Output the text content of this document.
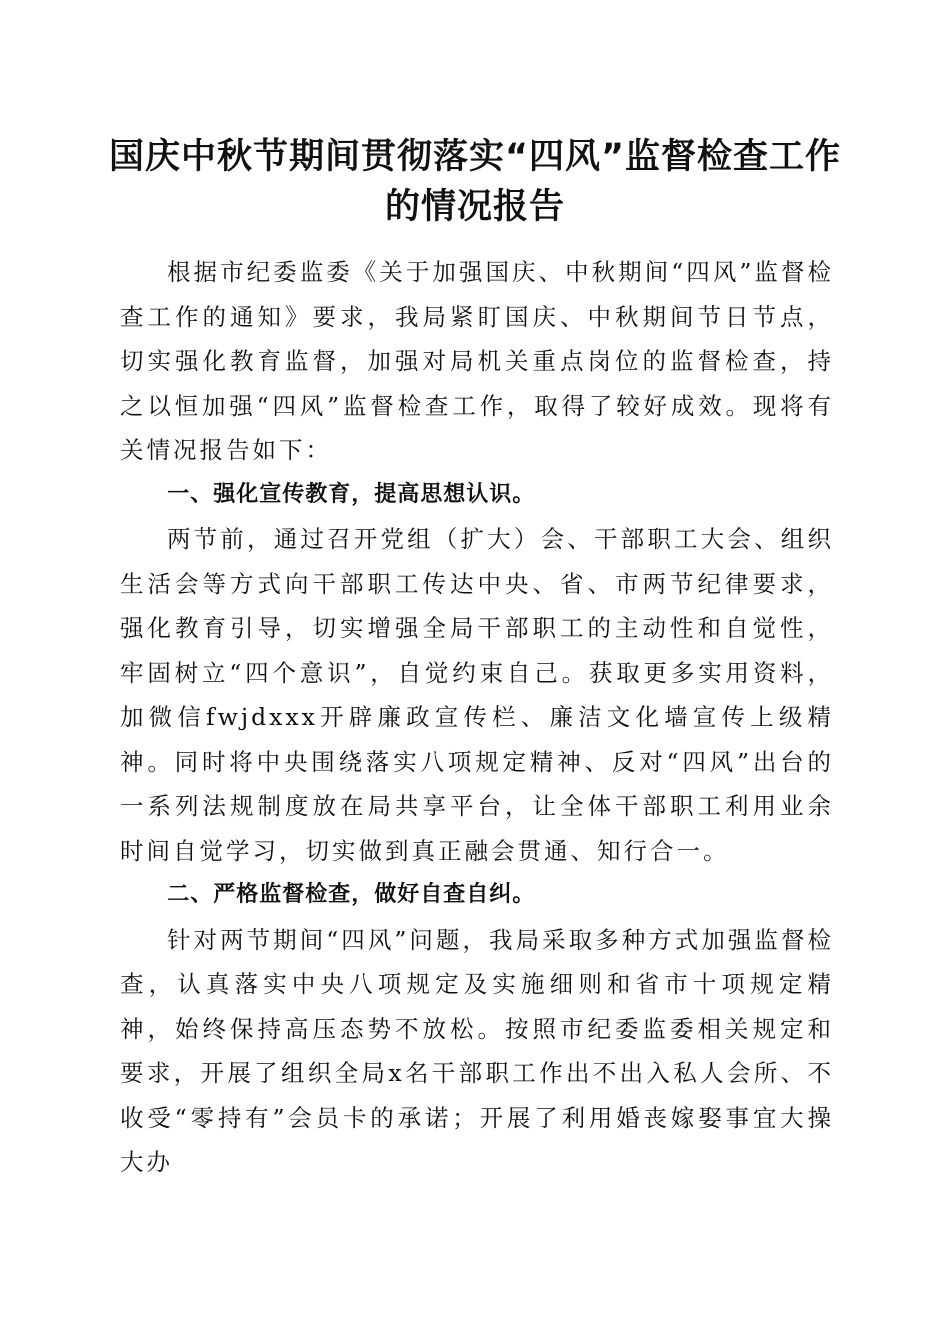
国庆中秋节期间贯彻落实“四风”监督检查工作的情况报告

根据市纪委监委《关于加强国庆、中秋期间“四风”监督检查工作的通知》要求，我局紧盯国庆、中秋期间节日节点，切实强化教育监督，加强对局机关重点岗位的监督检查，持之以恒加强“四风”监督检查工作，取得了较好成效。现将有关情况报告如下：

一、强化宣传教育，提高思想认识。

两节前，通过召开党组（扩大）会、干部职工大会、组织生活会等方式向干部职工传达中央、省、市两节纪律要求，强化教育引导，切实增强全局干部职工的主动性和自觉性，牢固树立“四个意识”，自觉约束自己。获取更多实用资料，加微信fwjdxxx开辟廉政宣传栏、廉洁文化墙宣传上级精神。同时将中央围绕落实八项规定精神、反对“四风”出台的一系列法规制度放在局共享平台，让全体干部职工利用业余时间自觉学习，切实做到真正融会贯通、知行合一。

二、严格监督检查，做好自查自纠。

针对两节期间“四风”问题，我局采取多种方式加强监督检查，认真落实中央八项规定及实施细则和省市十项规定精神，始终保持高压态势不放松。按照市纪委监委相关规定和要求，开展了组织全局x名干部职工作出不出入私人会所、不收受“零持有”会员卡的承诺；开展了利用婚丧嫁娶事宜大操大办
